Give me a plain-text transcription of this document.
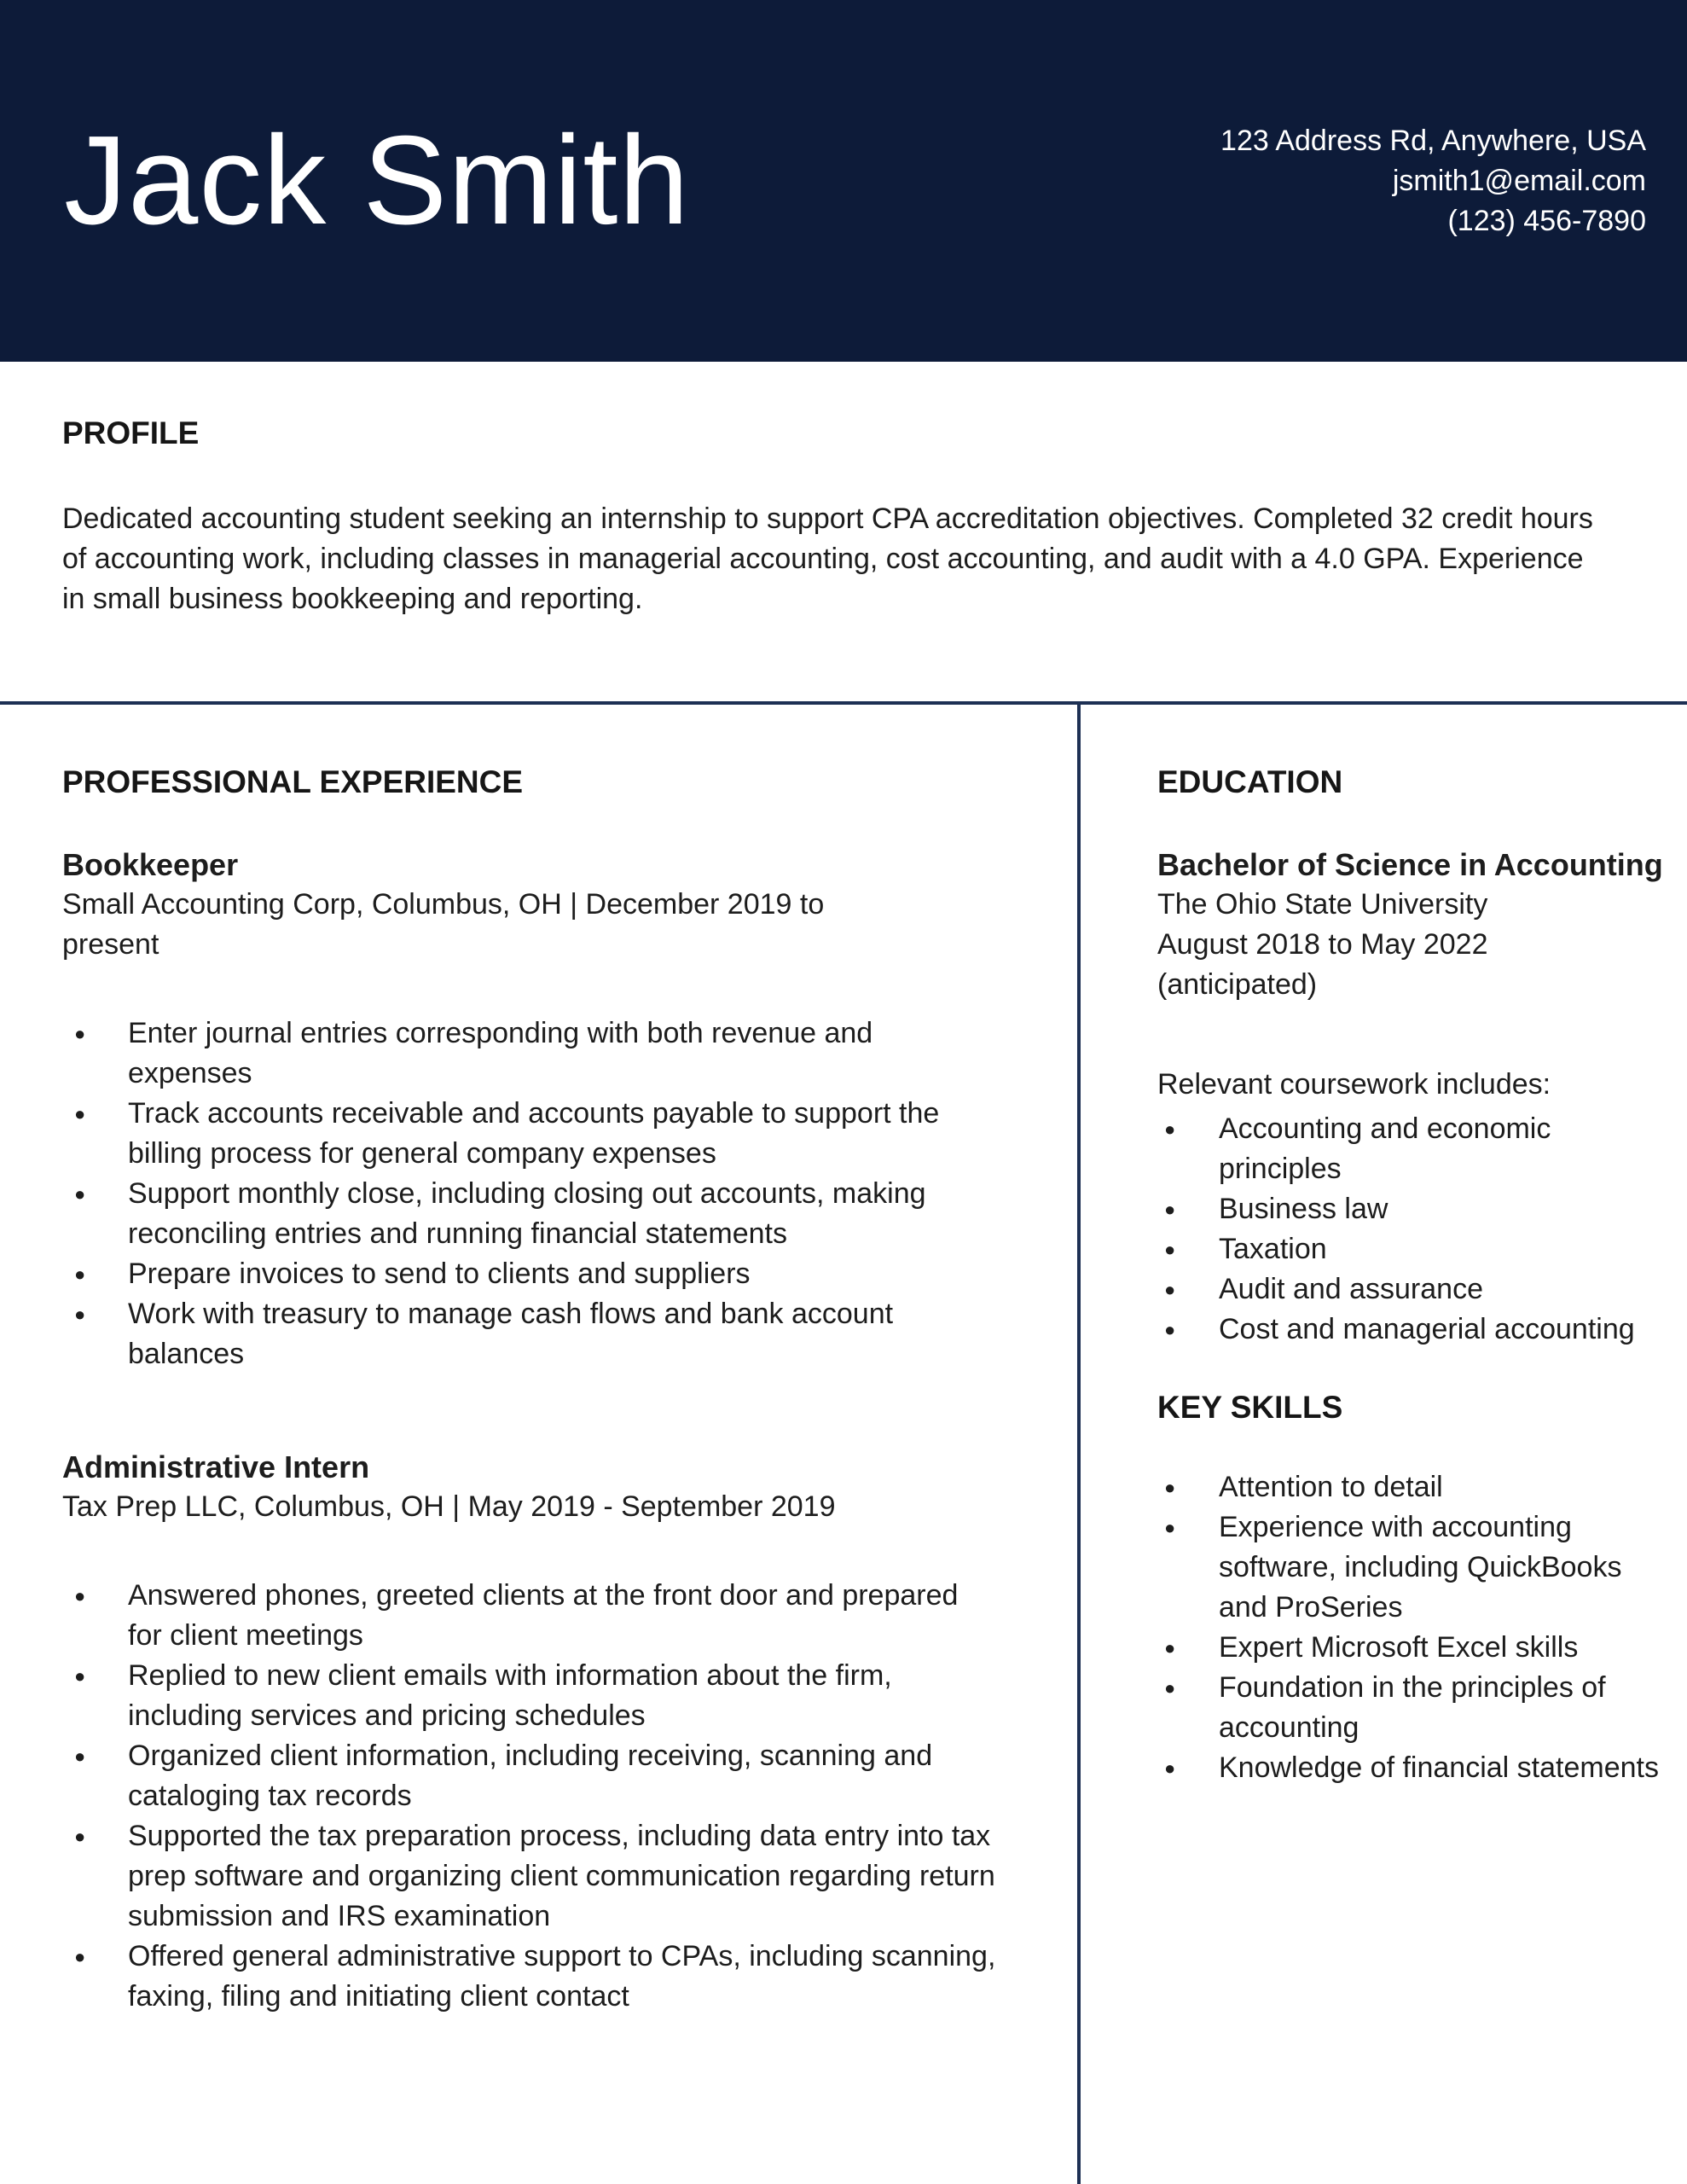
Jack Smith	123 Address Rd, Anywhere, USA
jsmith1@email.com
(123) 456-7890
PROFILE

Dedicated accounting student seeking an internship to support CPA accreditation objectives. Completed 32 credit hours of accounting work, including classes in managerial accounting, cost accounting, and audit with a 4.0 GPA. Experience in small business bookkeeping and reporting.

PROFESSIONAL EXPERIENCE
Bookkeeper

Small Accounting Corp, Columbus, OH | December 2019 to present

● Enter journal entries corresponding with both revenue and expenses
● Track accounts receivable and accounts payable to support the billing process for general company expenses
● Support monthly close, including closing out accounts, making reconciling entries and running financial statements
● Prepare invoices to send to clients and suppliers
● Work with treasury to manage cash flows and bank account balances
Administrative Intern

Tax Prep LLC, Columbus, OH | May 2019 - September 2019

● Answered phones, greeted clients at the front door and prepared for client meetings
● Replied to new client emails with information about the firm, including services and pricing schedules
● Organized client information, including receiving, scanning and cataloging tax records
● Supported the tax preparation process, including data entry into tax prep software and organizing client communication regarding return submission and IRS examination
● Offered general administrative support to CPAs, including scanning, faxing, filing and initiating client contact
EDUCATION
Bachelor of Science in Accounting

The Ohio State University

August 2018 to May 2022

(anticipated)

Relevant coursework includes:

● Accounting and economic principles
● Business law
● Taxation
● Audit and assurance
● Cost and managerial accounting
KEY SKILLS
● Attention to detail
● Experience with accounting software, including QuickBooks and ProSeries
● Expert Microsoft Excel skills
● Foundation in the principles of accounting
● Knowledge of financial statements
